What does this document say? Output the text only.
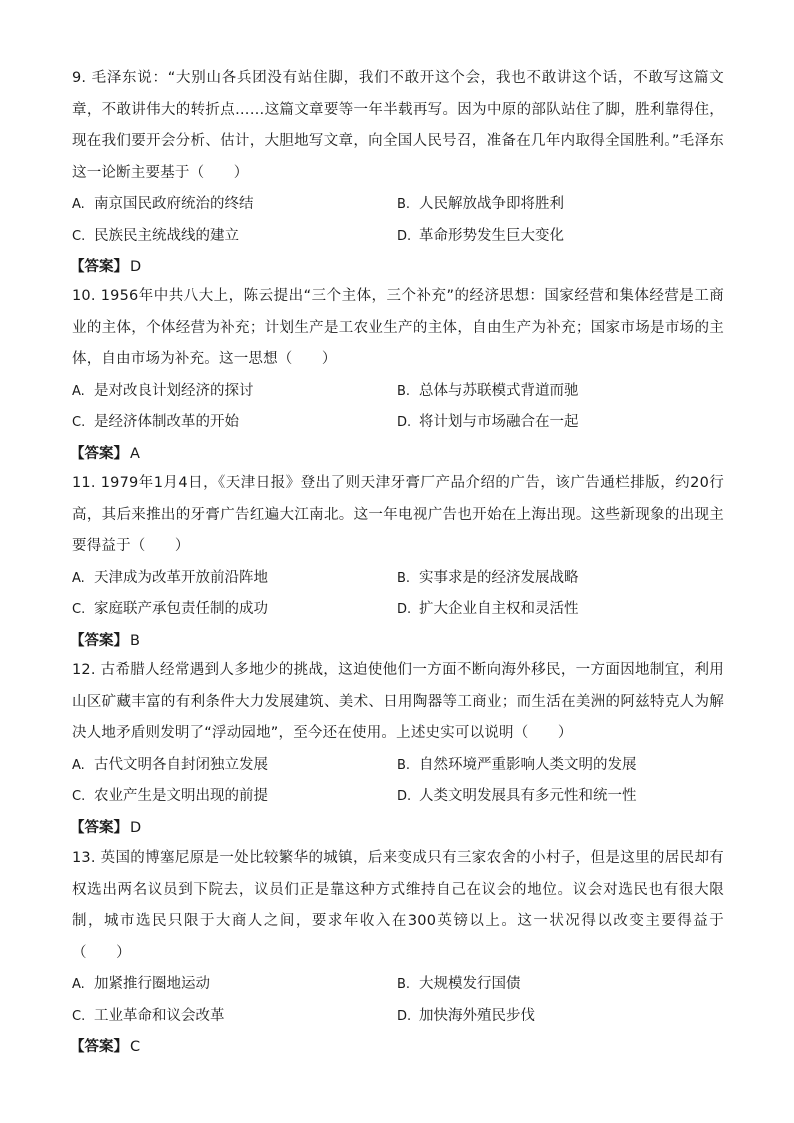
9. 毛泽东说：“大别山各兵团没有站住脚，我们不敢开这个会，我也不敢讲这个话，不敢写这篇文章，不敢讲伟大的转折点……这篇文章要等一年半载再写。因为中原的部队站住了脚，胜利靠得住，现在我们要开会分析、估计，大胆地写文章，向全国人民号召，准备在几年内取得全国胜利。”毛泽东这一论断主要基于（　　）

A. 南京国民政府统治的终结	B. 人民解放战争即将胜利
C. 民族民主统战线的建立	D. 革命形势发生巨大变化
【答案】 D

10. 1956年中共八大上，陈云提出“三个主体，三个补充”的经济思想：国家经营和集体经营是工商业的主体，个体经营为补充；计划生产是工农业生产的主体，自由生产为补充；国家市场是市场的主体，自由市场为补充。这一思想（　　）

A. 是对改良计划经济的探讨	B. 总体与苏联模式背道而驰
C. 是经济体制改革的开始	D. 将计划与市场融合在一起
【答案】 A

11. 1979年1月4日，《天津日报》登出了则天津牙膏厂产品介绍的广告，该广告通栏排版，约20行高，其后来推出的牙膏广告红遍大江南北。这一年电视广告也开始在上海出现。这些新现象的出现主要得益于（　　）

A. 天津成为改革开放前沿阵地	B. 实事求是的经济发展战略
C. 家庭联产承包责任制的成功	D. 扩大企业自主权和灵活性
【答案】 B

12. 古希腊人经常遇到人多地少的挑战，这迫使他们一方面不断向海外移民，一方面因地制宜，利用山区矿藏丰富的有利条件大力发展建筑、美术、日用陶器等工商业；而生活在美洲的阿兹特克人为解决人地矛盾则发明了“浮动园地”，至今还在使用。上述史实可以说明（　　）

A. 古代文明各自封闭独立发展	B. 自然环境严重影响人类文明的发展
C. 农业产生是文明出现的前提	D. 人类文明发展具有多元性和统一性
【答案】 D

13. 英国的博塞尼原是一处比较繁华的城镇，后来变成只有三家农舍的小村子，但是这里的居民却有权选出两名议员到下院去，议员们正是靠这种方式维持自己在议会的地位。议会对选民也有很大限制，城市选民只限于大商人之间，要求年收入在300英镑以上。这一状况得以改变主要得益于（　　）

A. 加紧推行圈地运动	B. 大规模发行国债
C. 工业革命和议会改革	D. 加快海外殖民步伐
【答案】 C
